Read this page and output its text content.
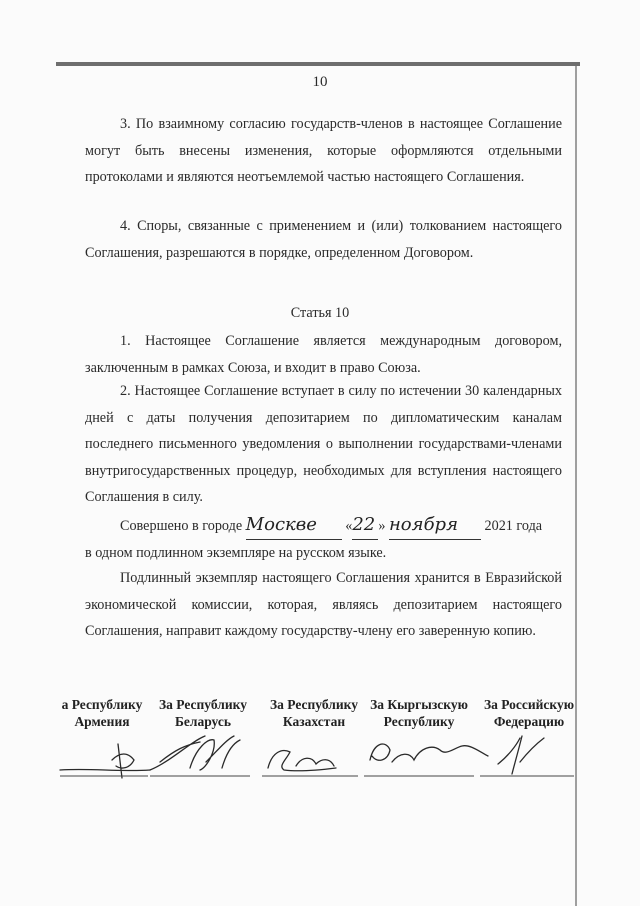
10

3. По взаимному согласию государств-членов в настоящее Соглашение могут быть внесены изменения, которые оформляются отдельными протоколами и являются неотъемлемой частью настоящего Соглашения.

4. Споры, связанные с применением и (или) толкованием настоящего Соглашения, разрешаются в порядке, определенном Договором.

Статья 10

1. Настоящее Соглашение является международным договором, заключенным в рамках Союза, и входит в право Союза.

2. Настоящее Соглашение вступает в силу по истечении 30 календарных дней с даты получения депозитарием по дипломатическим каналам последнего письменного уведомления о выполнении государствами-членами внутригосударственных процедур, необходимых для вступления настоящего Соглашения в силу.

Совершено в городе Москве «22 » ноября 2021 года
в одном подлинном экземпляре на русском языке.

Подлинный экземпляр настоящего Соглашения хранится в Евразийской экономической комиссии, которая, являясь депозитарием настоящего Соглашения, направит каждому государству-члену его заверенную копию.

а Республику
Армения
За Республику
Беларусь
За Республику
Казахстан
За Кыргызскую
Республику
За Российскую
Федерацию
